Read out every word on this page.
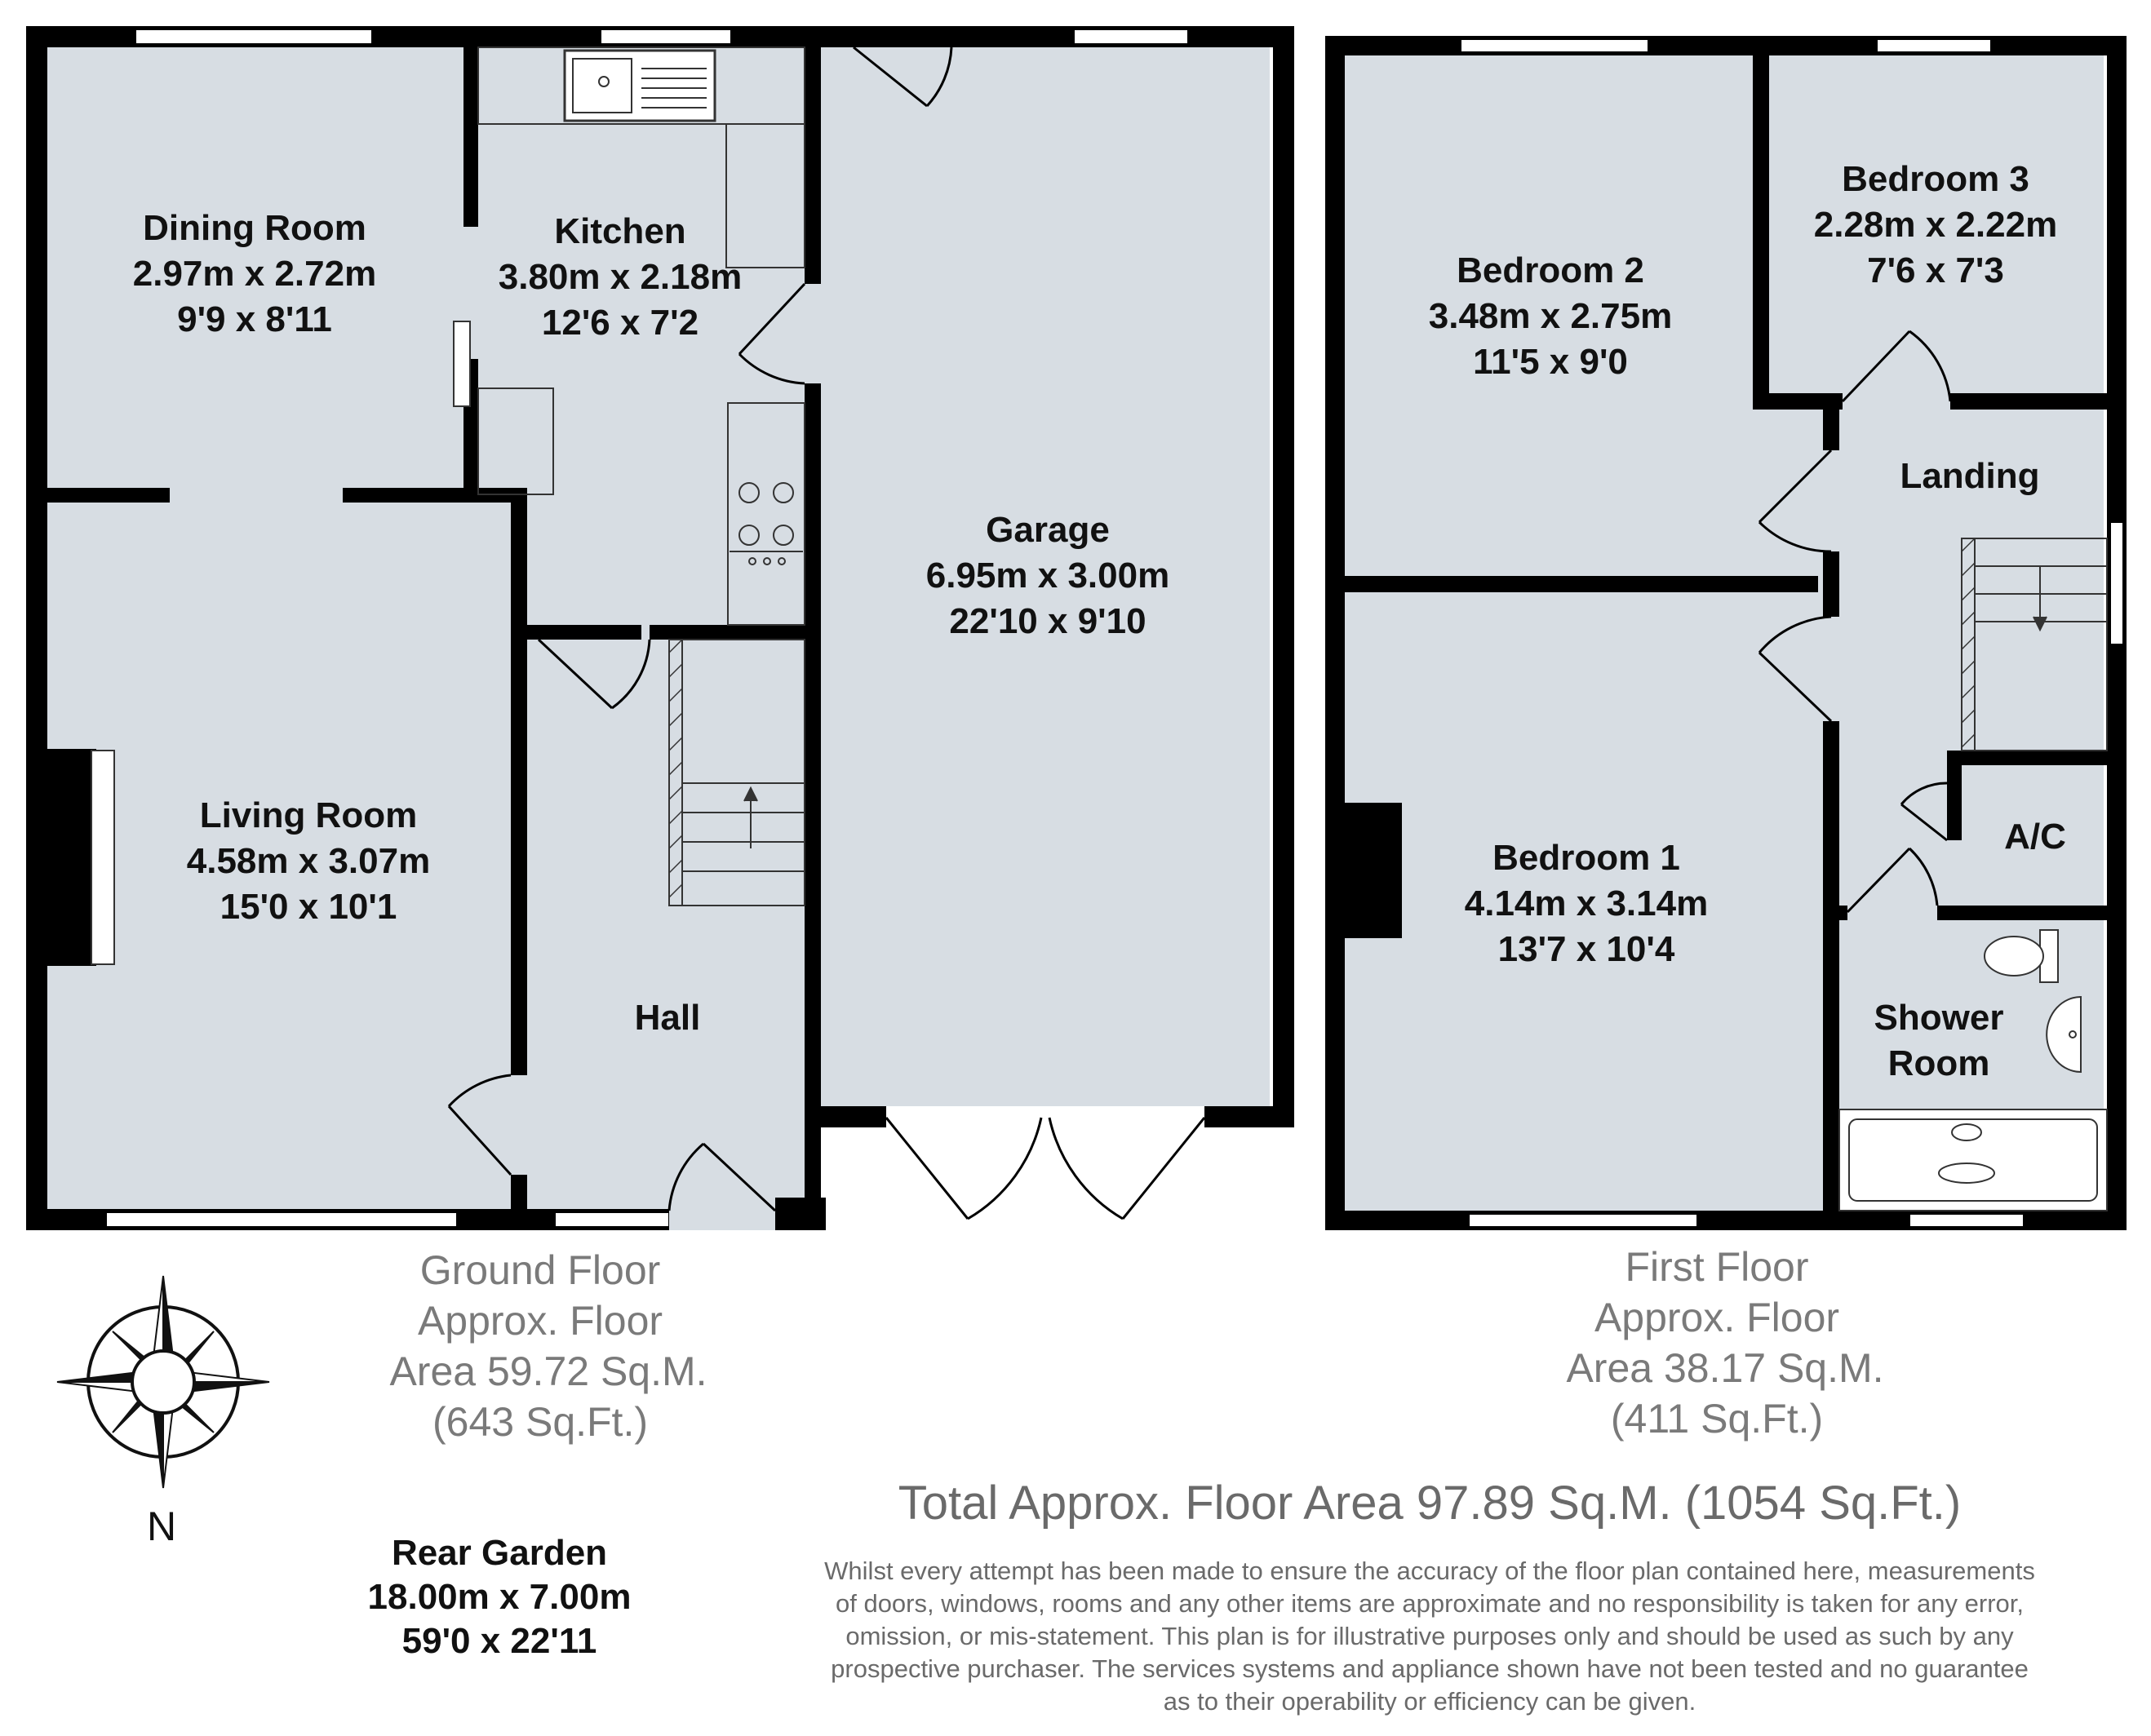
Dining Room
2.97m x 2.72m
9'9 x 8'11
Kitchen
3.80m x 2.18m
12'6 x 7'2
Garage
6.95m x 3.00m
22'10 x 9'10
Living Room
4.58m x 3.07m
15'0 x 10'1
Hall
Bedroom 2
3.48m x 2.75m
11'5 x 9'0
Bedroom 3
2.28m x 2.22m
7'6 x 7'3
Landing
A/C
Bedroom 1
4.14m x 3.14m
13'7 x 10'4
Shower
Room
Ground Floor
Approx. Floor
Area 59.72 Sq.M.
(643 Sq.Ft.)
First Floor
Approx. Floor
Area 38.17 Sq.M.
(411 Sq.Ft.)
Total Approx. Floor Area 97.89 Sq.M. (1054 Sq.Ft.)
Rear Garden
18.00m x 7.00m
59'0 x 22'11
N
Whilst every attempt has been made to ensure the accuracy of the floor plan contained here, measurements
of doors, windows, rooms and any other items are approximate and no responsibility is taken for any error,
omission, or mis-statement. This plan is for illustrative purposes only and should be used as such by any
prospective purchaser. The services systems and appliance shown have not been tested and no guarantee
as to their operability or efficiency can be given.
